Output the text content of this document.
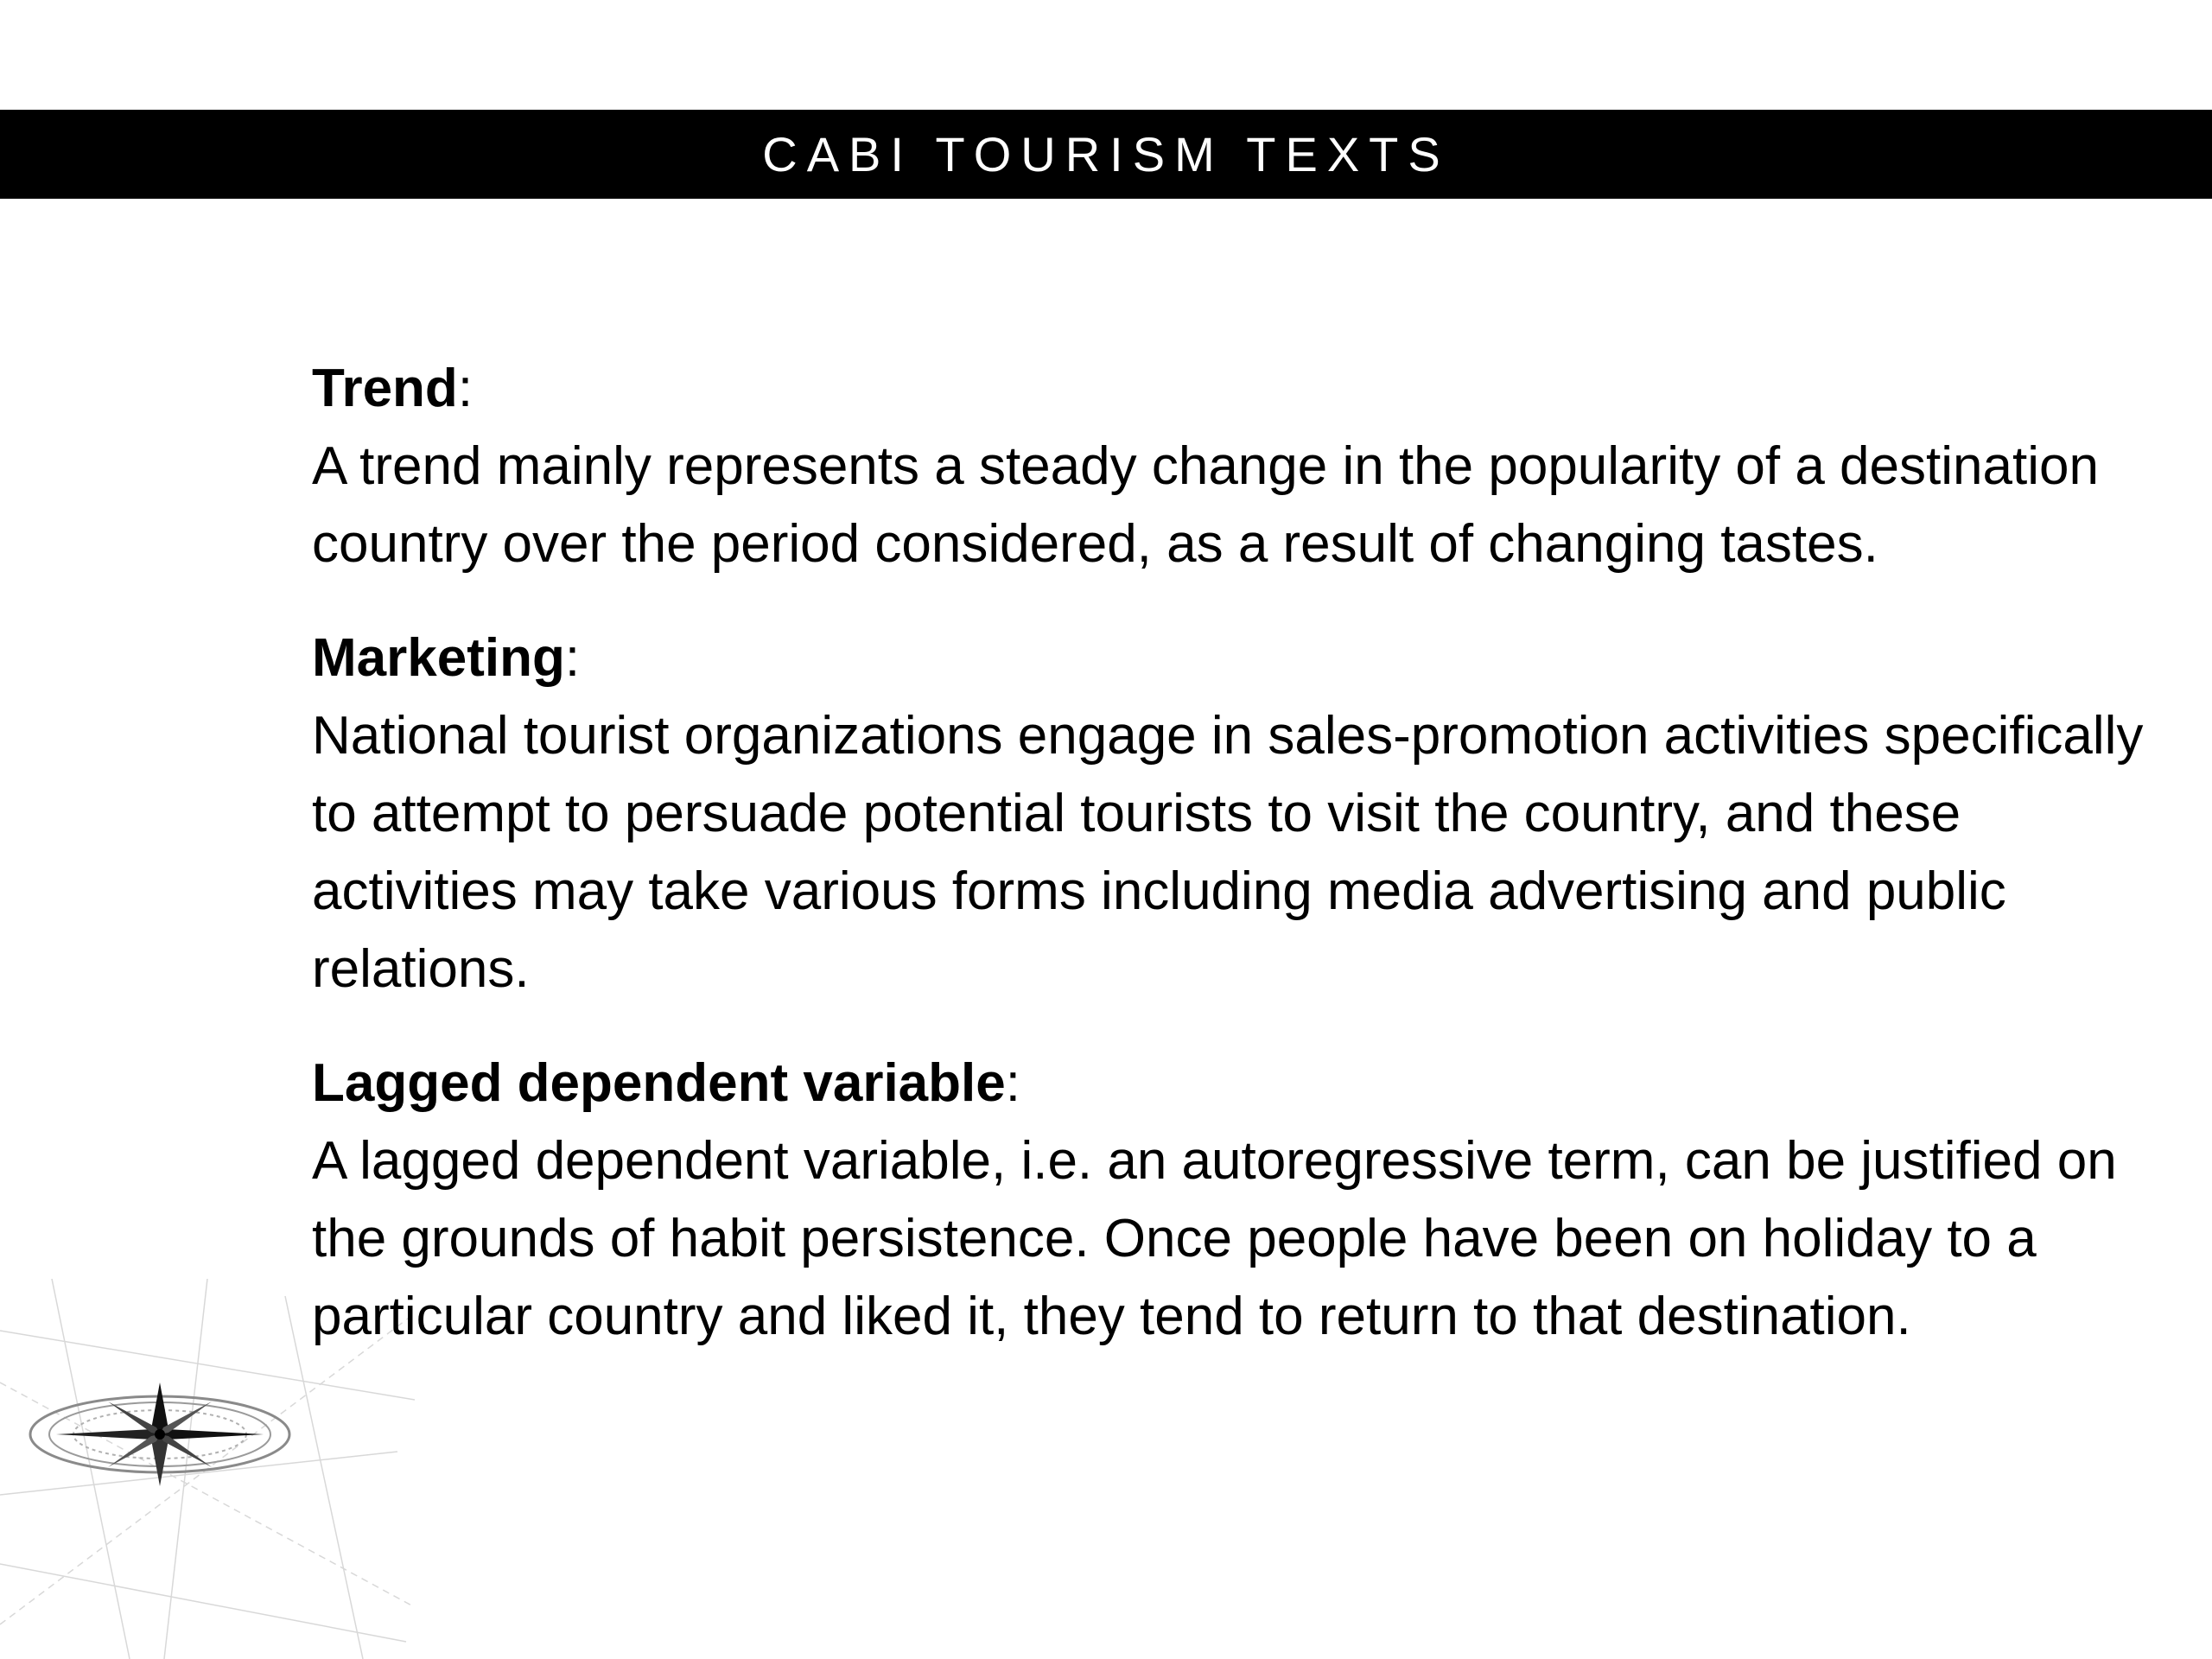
CABI TOURISM TEXTS

Trend:

A trend mainly represents a steady change in the popularity of a destination country over the period considered, as a result of changing tastes.

Marketing:

National tourist organizations engage in sales-promotion activities specifically to attempt to persuade potential tourists to visit the country, and these activities may take various forms including media advertising and public relations.

Lagged dependent variable:

A lagged dependent variable, i.e. an autoregressive term, can be justified on the grounds of habit persistence. Once people have been on holiday to a particular country and liked it, they tend to return to that destination.
